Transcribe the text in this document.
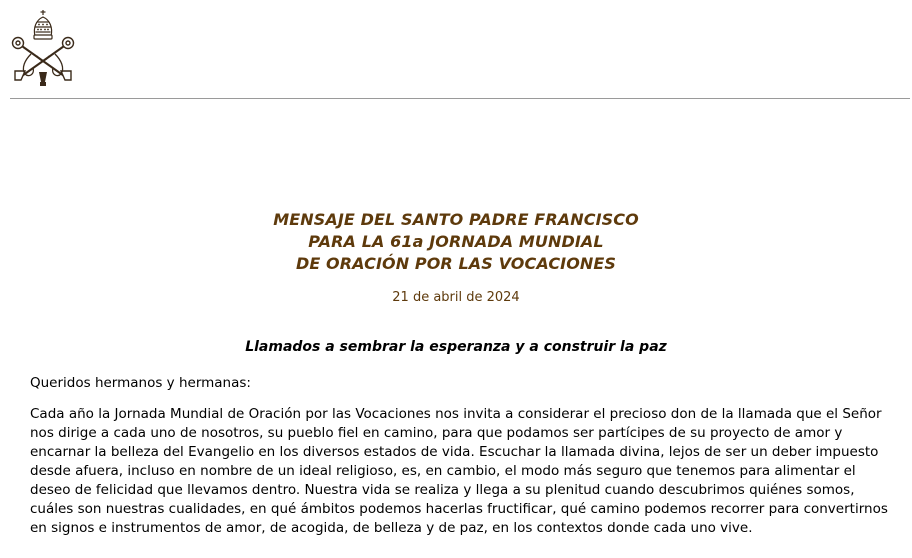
MENSAJE DEL SANTO PADRE FRANCISCO
PARA LA 61a JORNADA MUNDIAL
DE ORACIÓN POR LAS VOCACIONES
21 de abril de 2024
Llamados a sembrar la esperanza y a construir la paz
Queridos hermanos y hermanas:

Cada año la Jornada Mundial de Oración por las Vocaciones nos invita a considerar el precioso don de la llamada que el Señor nos dirige a cada uno de nosotros, su pueblo fiel en camino, para que podamos ser partícipes de su proyecto de amor y encarnar la belleza del Evangelio en los diversos estados de vida. Escuchar la llamada divina, lejos de ser un deber impuesto desde afuera, incluso en nombre de un ideal religioso, es, en cambio, el modo más seguro que tenemos para alimentar el deseo de felicidad que llevamos dentro. Nuestra vida se realiza y llega a su plenitud cuando descubrimos quiénes somos, cuáles son nuestras cualidades, en qué ámbitos podemos hacerlas fructificar, qué camino podemos recorrer para convertirnos en signos e instrumentos de amor, de acogida, de belleza y de paz, en los contextos donde cada uno vive.
